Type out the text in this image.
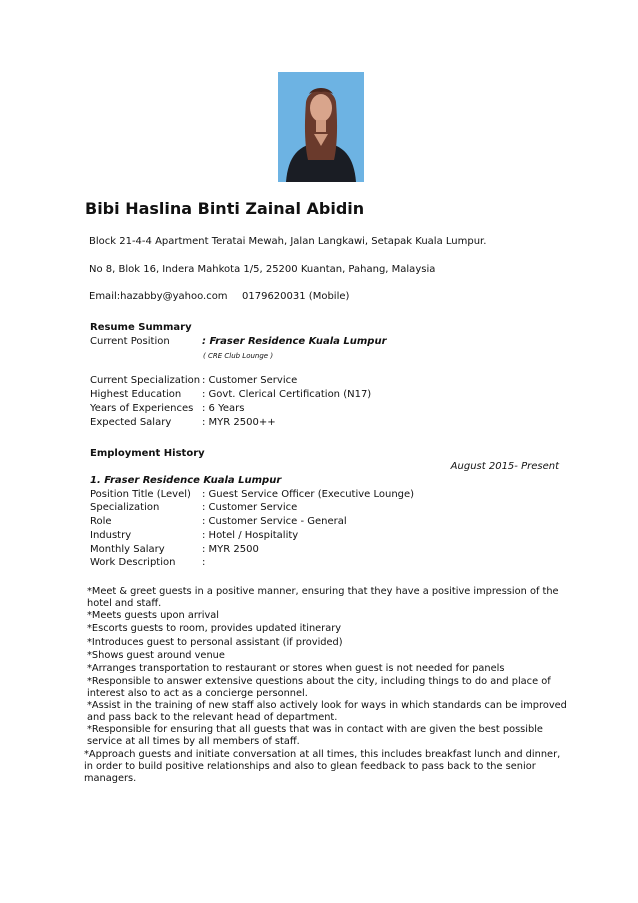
Bibi Haslina Binti Zainal Abidin
Block 21-4-4 Apartment Teratai Mewah, Jalan Langkawi, Setapak Kuala Lumpur.
No 8, Blok 16, Indera Mahkota 1/5, 25200 Kuantan, Pahang, Malaysia
Email:hazabby@yahoo.com 0179620031 (Mobile)
Resume Summary
Current Position	: Fraser Residence Kuala Lumpur
( CRE Club Lounge )
Current Specialization : Customer Service
Highest Education : Govt. Clerical Certification (N17)
Years of Experiences : 6 Years
Expected Salary	: MYR 2500++
Employment History
August 2015- Present
1. Fraser Residence Kuala Lumpur
Position Title (Level) : Guest Service Officer (Executive Lounge)
Specialization	: Customer Service
Role	: Customer Service - General
Industry	: Hotel / Hospitality
Monthly Salary	: MYR 2500
Work Description	:
*Meet & greet guests in a positive manner, ensuring that they have a positive impression of the hotel and staff.
*Meets guests upon arrival
*Escorts guests to room, provides updated itinerary
*Introduces guest to personal assistant (if provided)
*Shows guest around venue
*Arranges transportation to restaurant or stores when guest is not needed for panels
*Responsible to answer extensive questions about the city, including things to do and place of interest also to act as a concierge personnel.
*Assist in the training of new staff also actively look for ways in which standards can be improved and pass back to the relevant head of department.
*Responsible for ensuring that all guests that was in contact with are given the best possible service at all times by all members of staff.
*Approach guests and initiate conversation at all times, this includes breakfast lunch and dinner, in order to build positive relationships and also to glean feedback to pass back to the senior managers.
